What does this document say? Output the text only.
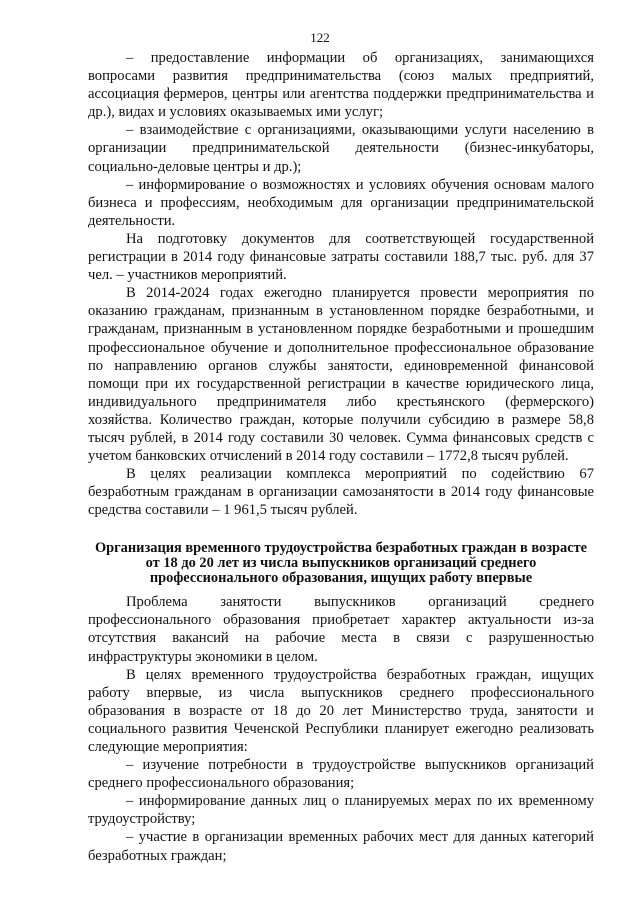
122

– предоставление информации об организациях, занимающихся вопросами развития предпринимательства (союз малых предприятий, ассоциация фермеров, центры или агентства поддержки предпринимательства и др.), видах и условиях оказываемых ими услуг;

– взаимодействие с организациями, оказывающими услуги населению в организации предпринимательской деятельности (бизнес-инкубаторы, социально-деловые центры и др.);

– информирование о возможностях и условиях обучения основам малого бизнеса и профессиям, необходимым для организации предпринимательской деятельности.

На подготовку документов для соответствующей государственной регистрации в 2014 году финансовые затраты составили 188,7 тыс. руб. для 37 чел. – участников мероприятий.

В 2014-2024 годах ежегодно планируется провести мероприятия по оказанию гражданам, признанным в установленном порядке безработными, и гражданам, признанным в установленном порядке безработными и прошедшим профессиональное обучение и дополнительное профессиональное образование по направлению органов службы занятости, единовременной финансовой помощи при их государственной регистрации в качестве юридического лица, индивидуального предпринимателя либо крестьянского (фермерского) хозяйства. Количество граждан, которые получили субсидию в размере 58,8 тысяч рублей, в 2014 году составили 30 человек. Сумма финансовых средств с учетом банковских отчислений в 2014 году составили – 1772,8 тысяч рублей.

В целях реализации комплекса мероприятий по содействию 67 безработным гражданам в организации самозанятости в 2014 году финансовые средства составили – 1 961,5 тысяч рублей.

Организация временного трудоустройства безработных граждан в возрасте от 18 до 20 лет из числа выпускников организаций среднего профессионального образования, ищущих работу впервые

Проблема занятости выпускников организаций среднего профессионального образования приобретает характер актуальности из-за отсутствия вакансий на рабочие места в связи с разрушенностью инфраструктуры экономики в целом.

В целях временного трудоустройства безработных граждан, ищущих работу впервые, из числа выпускников среднего профессионального образования в возрасте от 18 до 20 лет Министерство труда, занятости и социального развития Чеченской Республики планирует ежегодно реализовать следующие мероприятия:

– изучение потребности в трудоустройстве выпускников организаций среднего профессионального образования;

– информирование данных лиц о планируемых мерах по их временному трудоустройству;

– участие в организации временных рабочих мест для данных категорий безработных граждан;
